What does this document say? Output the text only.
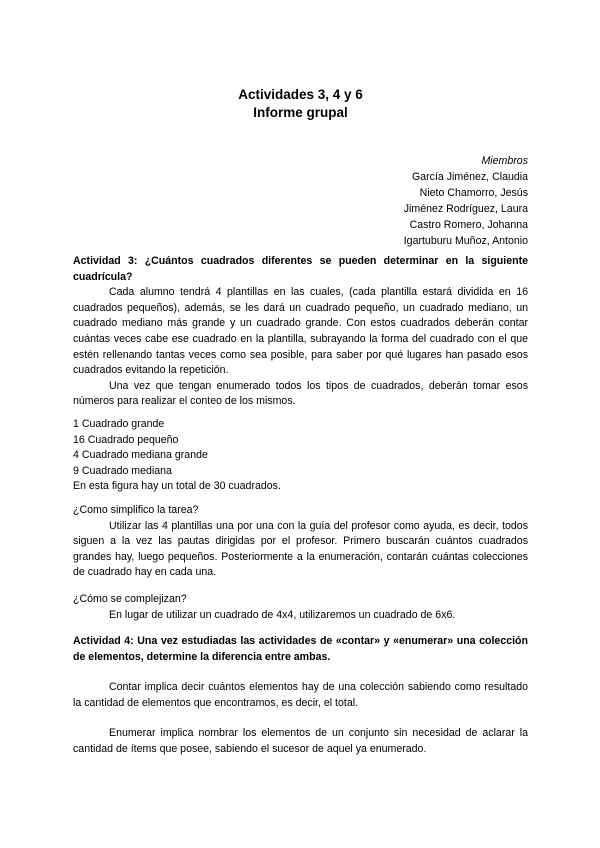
Actividades 3, 4 y 6
Informe grupal
Miembros
García Jiménez, Claudia
Nieto Chamorro, Jesús
Jiménez Rodríguez, Laura
Castro Romero, Johanna
Igartuburu Muñoz, Antonio
Actividad 3: ¿Cuántos cuadrados diferentes se pueden determinar en la siguiente cuadrícula?
Cada alumno tendrá 4 plantillas en las cuales, (cada plantilla estará dividida en 16 cuadrados pequeños), además, se les dará un cuadrado pequeño, un cuadrado mediano, un cuadrado mediano más grande y un cuadrado grande. Con estos cuadrados deberán contar cuántas veces cabe ese cuadrado en la plantilla, subrayando la forma del cuadrado con el que estén rellenando tantas veces como sea posible, para saber por qué lugares han pasado esos cuadrados evitando la repetición.
Una vez que tengan enumerado todos los tipos de cuadrados, deberán tomar esos números para realizar el conteo de los mismos.
1 Cuadrado grande
16 Cuadrado pequeño
4 Cuadrado mediana grande
9 Cuadrado mediana
En esta figura hay un total de 30 cuadrados.
¿Como simplifico la tarea?
Utilizar las 4 plantillas una por una con la guía del profesor como ayuda, es decir, todos siguen a la vez las pautas dirigidas por el profesor. Primero buscarán cuántos cuadrados grandes hay, luego pequeños. Posteriormente a la enumeración, contarán cuántas colecciones de cuadrado hay en cada una.
¿Cómo se complejizan?
En lugar de utilizar un cuadrado de 4x4, utilizaremos un cuadrado de 6x6.
Actividad 4: Una vez estudiadas las actividades de «contar» y «enumerar» una colección de elementos, determine la diferencia entre ambas.
Contar implica decir cuántos elementos hay de una colección sabiendo como resultado la cantidad de elementos que encontramos, es decir, el total.
Enumerar implica nombrar los elementos de un conjunto sin necesidad de aclarar la cantidad de ítems que posee, sabiendo el sucesor de aquel ya enumerado.
